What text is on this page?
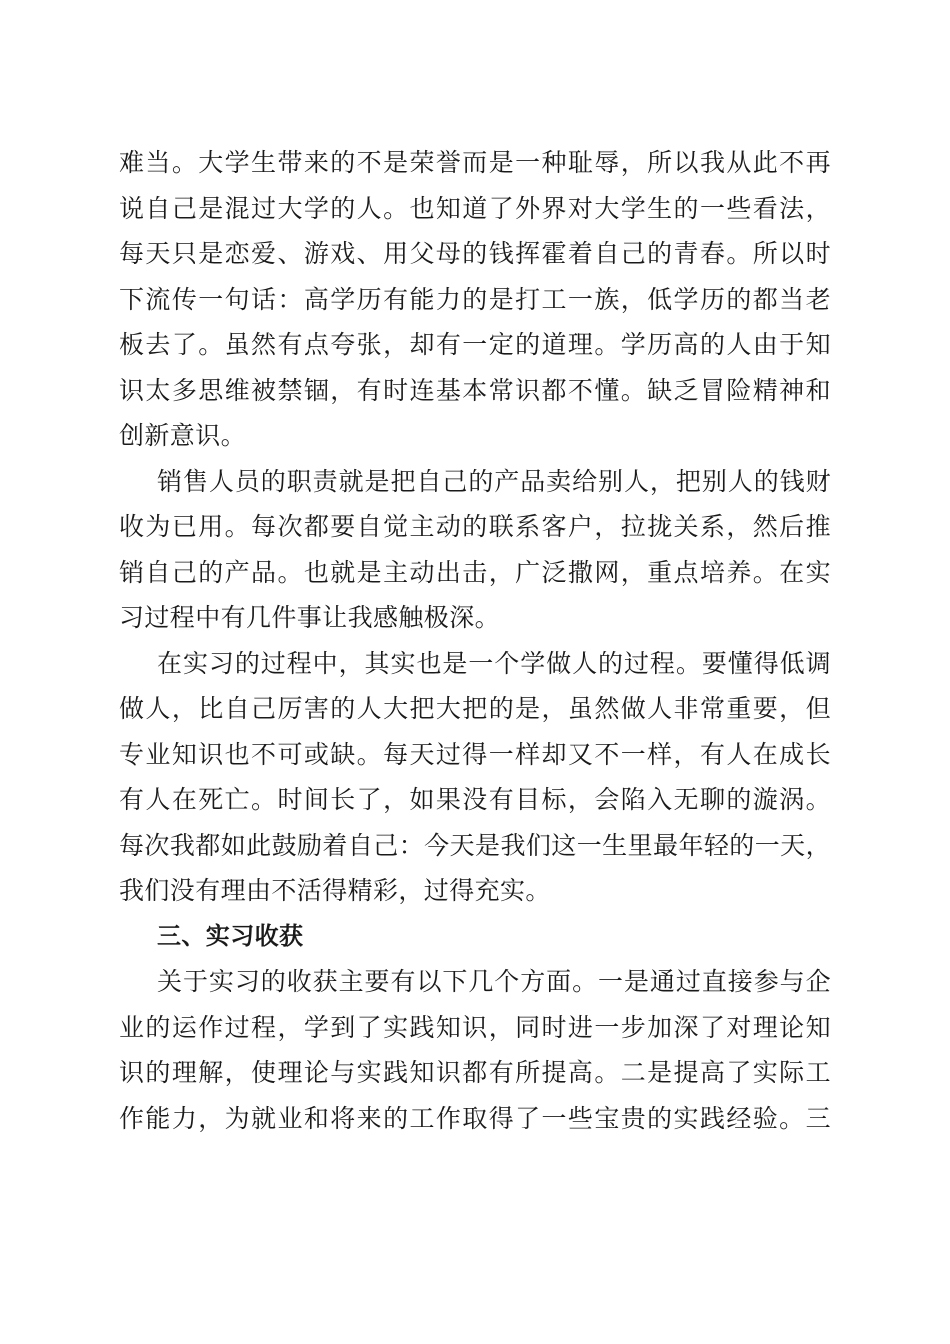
难当。大学生带来的不是荣誉而是一种耻辱，所以我从此不再
说自己是混过大学的人。也知道了外界对大学生的一些看法，
每天只是恋爱、游戏、用父母的钱挥霍着自己的青春。所以时
下流传一句话：高学历有能力的是打工一族，低学历的都当老
板去了。虽然有点夸张，却有一定的道理。学历高的人由于知
识太多思维被禁锢，有时连基本常识都不懂。缺乏冒险精神和
创新意识。
销售人员的职责就是把自己的产品卖给别人，把别人的钱财
收为已用。每次都要自觉主动的联系客户，拉拢关系，然后推
销自己的产品。也就是主动出击，广泛撒网，重点培养。在实
习过程中有几件事让我感触极深。
在实习的过程中，其实也是一个学做人的过程。要懂得低调
做人，比自己厉害的人大把大把的是，虽然做人非常重要，但
专业知识也不可或缺。每天过得一样却又不一样，有人在成长
有人在死亡。时间长了，如果没有目标，会陷入无聊的漩涡。
每次我都如此鼓励着自己：今天是我们这一生里最年轻的一天，
我们没有理由不活得精彩，过得充实。
三、实习收获
关于实习的收获主要有以下几个方面。一是通过直接参与企
业的运作过程，学到了实践知识，同时进一步加深了对理论知
识的理解，使理论与实践知识都有所提高。二是提高了实际工
作能力，为就业和将来的工作取得了一些宝贵的实践经验。三
